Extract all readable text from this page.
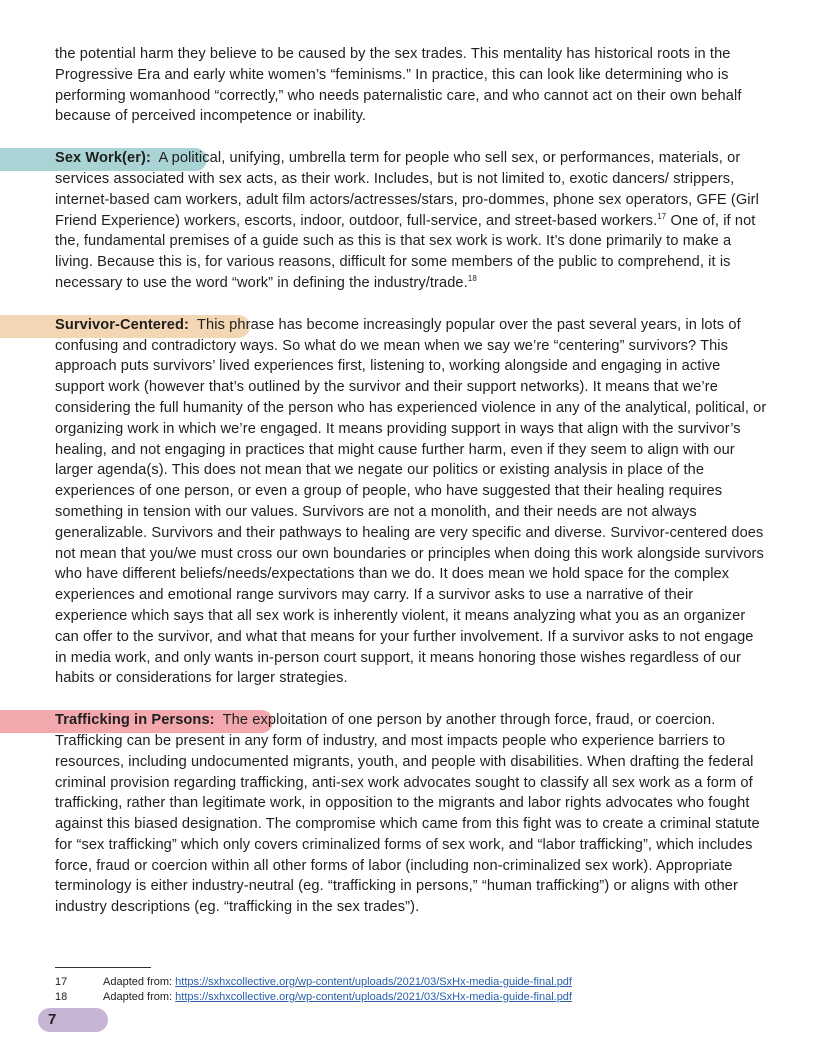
the potential harm they believe to be caused by the sex trades. This mentality has historical roots in the Progressive Era and early white women’s “feminisms.” In practice, this can look like determining who is performing womanhood “correctly,” who needs paternalistic care, and who cannot act on their own behalf because of perceived incompetence or inability.

Sex Work(er): A political, unifying, umbrella term for people who sell sex, or performances, materials, or services associated with sex acts, as their work. Includes, but is not limited to, exotic dancers/ strippers, internet-based cam workers, adult film actors/actresses/stars, pro-dommes, phone sex operators, GFE (Girl Friend Experience) workers, escorts, indoor, outdoor, full-service, and street-based workers.$^{17}$ One of, if not the, fundamental premises of a guide such as this is that sex work is work. It’s done primarily to make a living. Because this is, for various reasons, difficult for some members of the public to comprehend, it is necessary to use the word “work” in defining the industry/trade.$^{18}$

Survivor-Centered: This phrase has become increasingly popular over the past several years, in lots of confusing and contradictory ways. So what do we mean when we say we’re “centering” survivors? This approach puts survivors’ lived experiences first, listening to, working alongside and engaging in active support work (however that’s outlined by the survivor and their support networks). It means that we’re considering the full humanity of the person who has experienced violence in any of the analytical, political, or organizing work in which we’re engaged. It means providing support in ways that align with the survivor’s healing, and not engaging in practices that might cause further harm, even if they seem to align with our larger agenda(s). This does not mean that we negate our politics or existing analysis in place of the experiences of one person, or even a group of people, who have suggested that their healing requires something in tension with our values. Survivors are not a monolith, and their needs are not always generalizable. Survivors and their pathways to healing are very specific and diverse. Survivor-centered does not mean that you/we must cross our own boundaries or principles when doing this work alongside survivors who have different beliefs/needs/expectations than we do. It does mean we hold space for the complex experiences and emotional range survivors may carry. If a survivor asks to use a narrative of their experience which says that all sex work is inherently violent, it means analyzing what you as an organizer can offer to the survivor, and what that means for your further involvement. If a survivor asks to not engage in media work, and only wants in-person court support, it means honoring those wishes regardless of our habits or considerations for larger strategies.

Trafficking in Persons: The exploitation of one person by another through force, fraud, or coercion. Trafficking can be present in any form of industry, and most impacts people who experience barriers to resources, including undocumented migrants, youth, and people with disabilities. When drafting the federal criminal provision regarding trafficking, anti-sex work advocates sought to classify all sex work as a form of trafficking, rather than legitimate work, in opposition to the migrants and labor rights advocates who fought against this biased designation. The compromise which came from this fight was to create a criminal statute for “sex trafficking” which only covers criminalized forms of sex work, and “labor trafficking”, which includes force, fraud or coercion within all other forms of labor (including non-criminalized sex work). Appropriate terminology is either industry-neutral (eg. “trafficking in persons,” “human trafficking”) or aligns with other industry descriptions (eg. “trafficking in the sex trades”).

17	Adapted from: https://sxhxcollective.org/wp-content/uploads/2021/03/SxHx-media-guide-final.pdf
18	Adapted from: https://sxhxcollective.org/wp-content/uploads/2021/03/SxHx-media-guide-final.pdf
7
